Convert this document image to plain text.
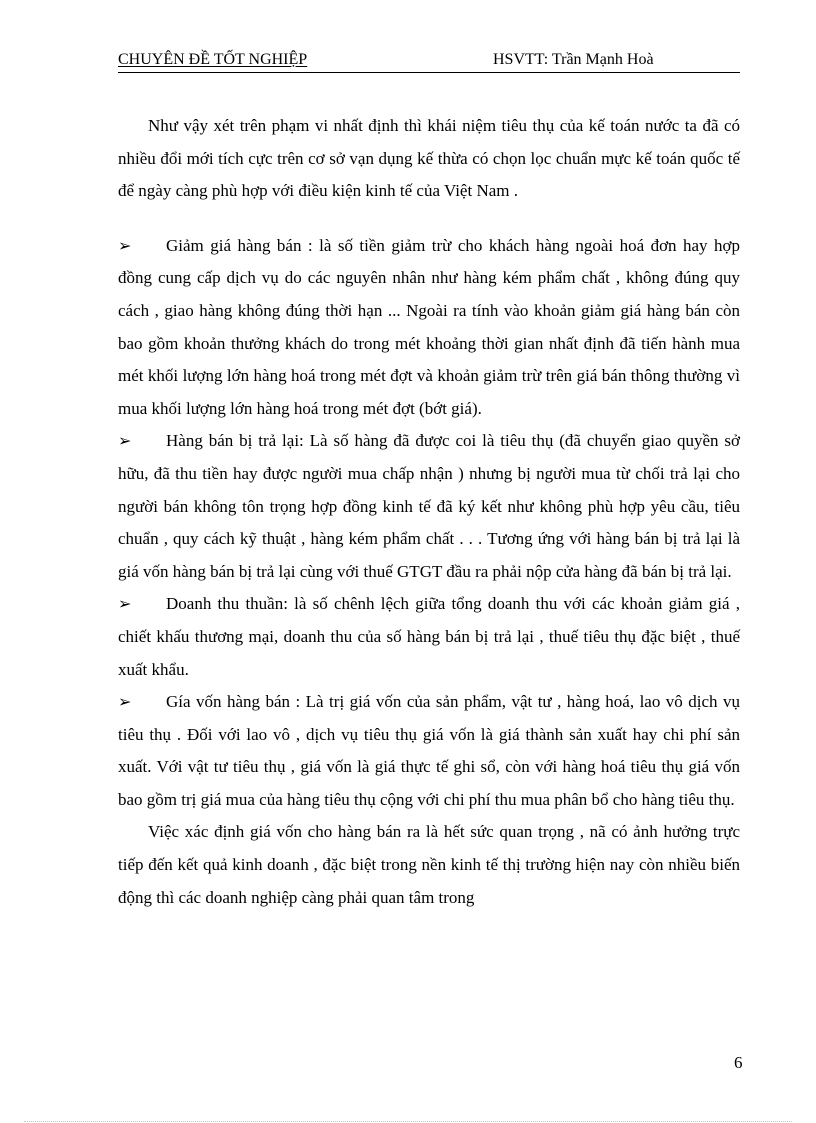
CHUYÊN ĐỀ TỐT NGHIỆP	HSVTT: Trần Mạnh Hoà

Như vậy xét trên phạm vi nhất định thì khái niệm tiêu thụ của kế toán nước ta đã có nhiều đổi mới tích cực trên cơ sở vạn dụng kế thừa có chọn lọc chuẩn mực kế toán quốc tế để ngày càng phù hợp với điều kiện kinh tế của Việt Nam .

➢ Giảm giá hàng bán : là số tiền giảm trừ cho khách hàng ngoài hoá đơn hay hợp đồng cung cấp dịch vụ do các nguyên nhân như hàng kém phẩm chất , không đúng quy cách , giao hàng không đúng thời hạn ... Ngoài ra tính vào khoản giảm giá hàng bán còn bao gồm khoản thưởng khách do trong mét khoảng thời gian nhất định đã tiến hành mua mét khối lượng lớn hàng hoá trong mét đợt và khoản giảm trừ trên giá bán thông thường vì mua khối lượng lớn hàng hoá trong mét đợt (bớt giá).

➢ Hàng bán bị trả lại: Là số hàng đã được coi là tiêu thụ (đã chuyển giao quyền sở hữu, đã thu tiền hay được người mua chấp nhận ) nhưng bị người mua từ chối trả lại cho người bán không tôn trọng hợp đồng kinh tế đã ký kết như không phù hợp yêu cầu, tiêu chuẩn , quy cách kỹ thuật , hàng kém phẩm chất . . . Tương ứng với hàng bán bị trả lại là giá vốn hàng bán bị trả lại cùng với thuế GTGT đầu ra phải nộp cửa hàng đã bán bị trả lại.

➢ Doanh thu thuần: là số chênh lệch giữa tổng doanh thu với các khoản giảm giá , chiết khấu thương mại, doanh thu của số hàng bán bị trả lại , thuế tiêu thụ đặc biệt , thuế xuất khẩu.

➢ Gía vốn hàng bán : Là trị giá vốn của sản phẩm, vật tư , hàng hoá, lao vô dịch vụ tiêu thụ . Đối với lao vô , dịch vụ tiêu thụ giá vốn là giá thành sản xuất hay chi phí sản xuất. Với vật tư tiêu thụ , giá vốn là giá thực tế ghi sổ, còn với hàng hoá tiêu thụ giá vốn bao gồm trị giá mua của hàng tiêu thụ cộng với chi phí thu mua phân bổ cho hàng tiêu thụ.

Việc xác định giá vốn cho hàng bán ra là hết sức quan trọng , nã có ảnh hưởng trực tiếp đến kết quả kinh doanh , đặc biệt trong nền kinh tế thị trường hiện nay còn nhiều biến động thì các doanh nghiệp càng phải quan tâm trong

6
